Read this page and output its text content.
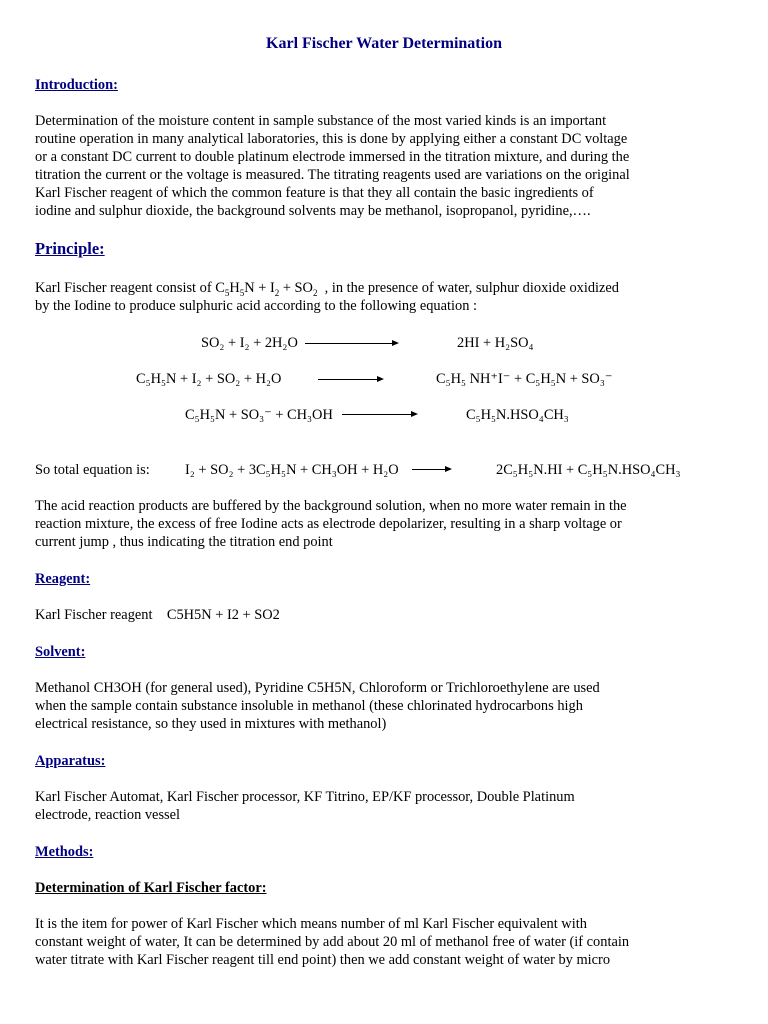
Karl Fischer Water Determination
Introduction:
Determination of the moisture content in sample substance of the most varied kinds is an important
routine operation in many analytical laboratories, this is done by applying either a constant DC voltage
or a constant DC current to double platinum electrode immersed in the titration mixture, and during the
titration the current or the voltage is measured. The titrating reagents used are variations on the original
Karl Fischer reagent of which the common feature is that they all contain the basic ingredients of
iodine and sulphur dioxide, the background solvents may be methanol, isopropanol, pyridine,….
Principle:
Karl Fischer reagent consist of $C_5H_5N + I_2 + SO_2$ , in the presence of water, sulphur dioxide oxidized
by the Iodine to produce sulphuric acid according to the following equation :
SO₂ + I₂ + 2H₂O	2HI + H₂SO₄
C₅H₅N + I₂ + SO₂ + H₂O	C₅H₅ NH⁺I⁻ + C₅H₅N + SO₃⁻
C₅H₅N + SO₃⁻ + CH₃OH	C₅H₅N.HSO₄CH₃
So total equation is: I₂ + SO₂ + 3C₅H₅N + CH₃OH + H₂O →	2C₅H₅N.HI + C₅H₅N.HSO₄CH₃
The acid reaction products are buffered by the background solution, when no more water remain in the
reaction mixture, the excess of free Iodine acts as electrode depolarizer, resulting in a sharp voltage or
current jump , thus indicating the titration end point
Reagent:
Karl Fischer reagent    C5H5N + I2 + SO2
Solvent:
Methanol CH3OH (for general used), Pyridine C5H5N, Chloroform or Trichloroethylene are used
when the sample contain substance insoluble in methanol (these chlorinated hydrocarbons high
electrical resistance, so they used in mixtures with methanol)
Apparatus:
Karl Fischer Automat, Karl Fischer processor, KF Titrino, EP/KF processor, Double Platinum
electrode, reaction vessel
Methods:
Determination of Karl Fischer factor:
It is the item for power of Karl Fischer which means number of ml Karl Fischer equivalent with
constant weight of water, It can be determined by add about 20 ml of methanol free of water (if contain
water titrate with Karl Fischer reagent till end point) then we add constant weight of water by micro
